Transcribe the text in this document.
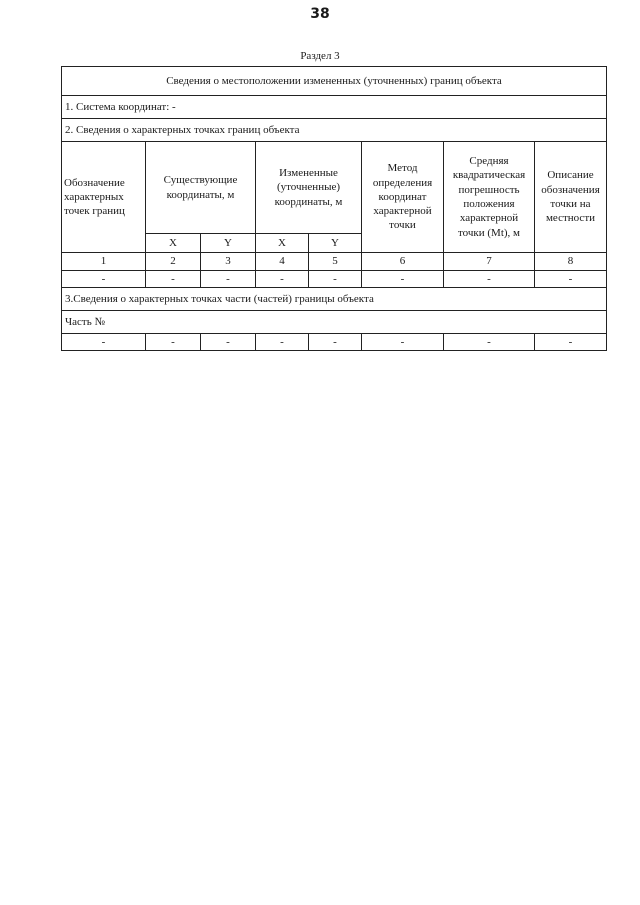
38
Раздел 3
Сведения о местоположении измененных (уточненных) границ объекта							
1. Система координат: -							
2. Сведения о характерных точках границ объекта							
Обозначение характерных точек границ	Существующие координаты, м		Измененные (уточненные) координаты, м		Метод определения координат характерной точки	Средняя квадратическая погрешность положения характерной точки (Mt), м	Описание обозначения точки на местности
	X	Y	X	Y			
1	2	3	4	5	6	7	8
-	-	-	-	-	-	-	-
3.Сведения о характерных точках части (частей) границы объекта							
Часть №							
-	-	-	-	-	-	-	-
